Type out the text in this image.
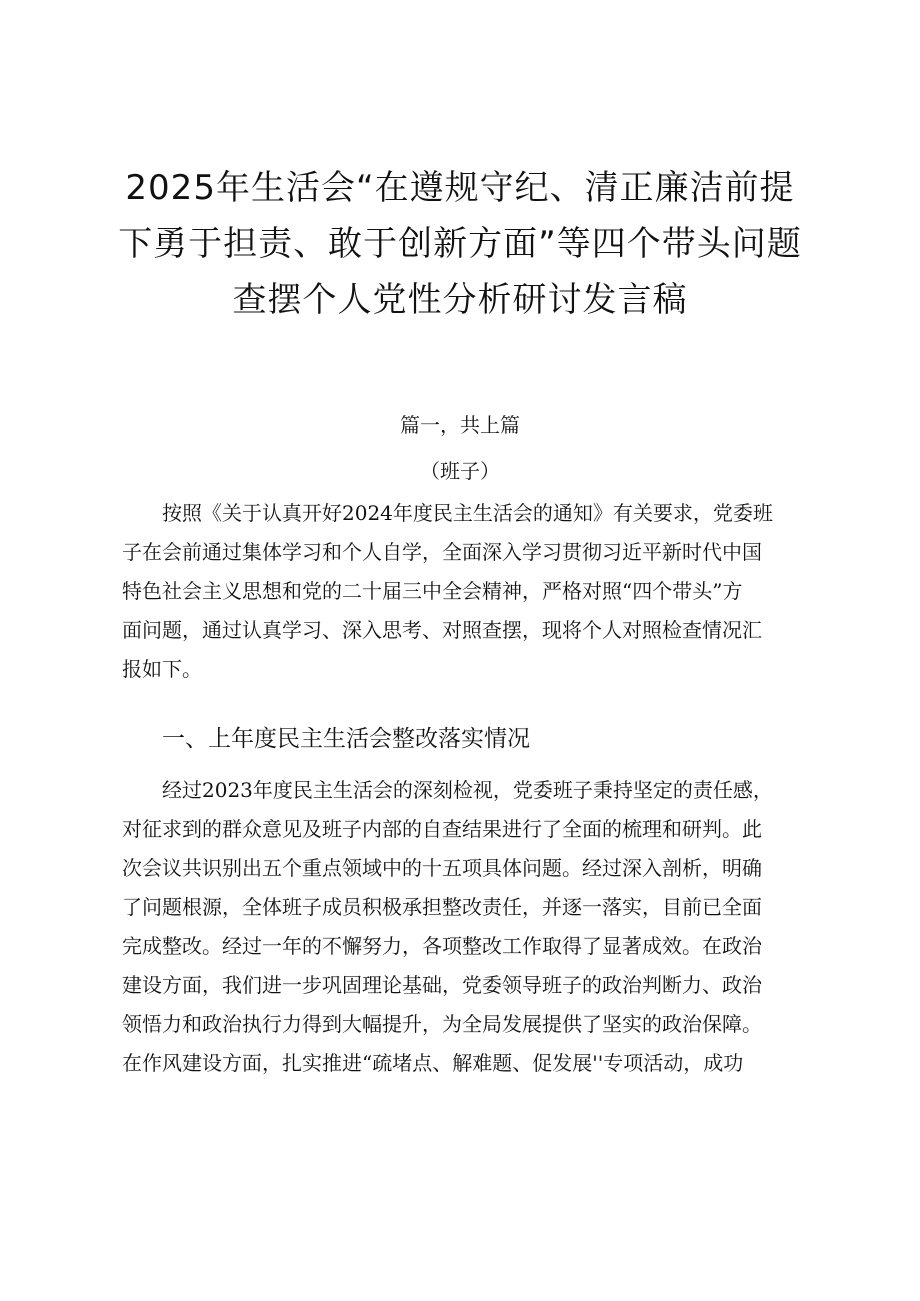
2025年生活会“在遵规守纪、清正廉洁前提
下勇于担责、敢于创新方面”等四个带头问题
查摆个人党性分析研讨发言稿

篇一，共上篇

（班子）

按照《关于认真开好2024年度民主生活会的通知》有关要求，党委班
子在会前通过集体学习和个人自学，全面深入学习贯彻习近平新时代中国
特色社会主义思想和党的二十届三中全会精神，严格对照“四个带头”方
面问题，通过认真学习、深入思考、对照查摆，现将个人对照检查情况汇
报如下。
一、上年度民主生活会整改落实情况
经过2023年度民主生活会的深刻检视，党委班子秉持坚定的责任感，
对征求到的群众意见及班子内部的自查结果进行了全面的梳理和研判。此
次会议共识别出五个重点领域中的十五项具体问题。经过深入剖析，明确
了问题根源，全体班子成员积极承担整改责任，并逐一落实，目前已全面
完成整改。经过一年的不懈努力，各项整改工作取得了显著成效。在政治
建设方面，我们进一步巩固理论基础，党委领导班子的政治判断力、政治
领悟力和政治执行力得到大幅提升，为全局发展提供了坚实的政治保障。
在作风建设方面，扎实推进“疏堵点、解难题、促发展''专项活动，成功
